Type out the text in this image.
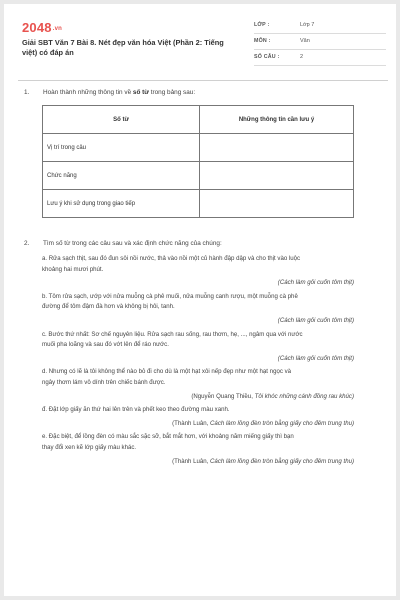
2048.vn
Giải SBT Văn 7 Bài 8. Nét đẹp văn hóa Việt (Phần 2: Tiếng việt) có đáp án
LỚP :	Lớp 7
MÔN :	Văn
SỐ CÂU :	2
1. Hoàn thành những thông tin về số từ trong bảng sau:
Số từ	Những thông tin cần lưu ý
Vị trí trong câu	
Chức năng	
Lưu ý khi sử dụng trong giao tiếp	
2. Tìm số từ trong các câu sau và xác định chức năng của chúng:
a. Rửa sạch thịt, sau đó đun sôi nồi nước, thả vào nồi một củ hành đập dập và cho thịt vào luộc
khoảng hai mươi phút.
(Cách làm gỏi cuốn tôm thịt)
b. Tôm rửa sạch, ướp với nửa muỗng cà phê muối, nửa muỗng canh rượu, một muỗng cà phê
đường để tôm đậm đà hơn và không bị hôi, tanh.
(Cách làm gỏi cuốn tôm thịt)
c. Bước thứ nhất: Sơ chế nguyên liệu. Rửa sạch rau sống, rau thơm, hẹ, ..., ngâm qua với nước
muối pha loãng và sau đó vớt lên để ráo nước.
(Cách làm gỏi cuốn tôm thịt)
d. Nhưng có lẽ là tôi không thể nào bỏ đi cho dù là một hạt xôi nếp đẹp như một hạt ngọc và
ngây thơm lám vô dính trên chiếc bánh được.
(Nguyễn Quang Thiều, Tôi khóc những cánh đồng rau khúc)
đ. Đặt lớp giấy ăn thứ hai lên trên và phết keo theo đường màu xanh.
(Thành Luân, Cách làm lồng đèn tròn bằng giấy cho đêm trung thu)
e. Đặc biệt, để lồng đèn có màu sắc sặc sỡ, bắt mắt hơn, với khoảng năm miếng giấy thì bạn
thay đổi xen kẽ lớp giấy màu khác.
(Thành Luân, Cách làm lồng đèn tròn bằng giấy cho đêm trung thu)
